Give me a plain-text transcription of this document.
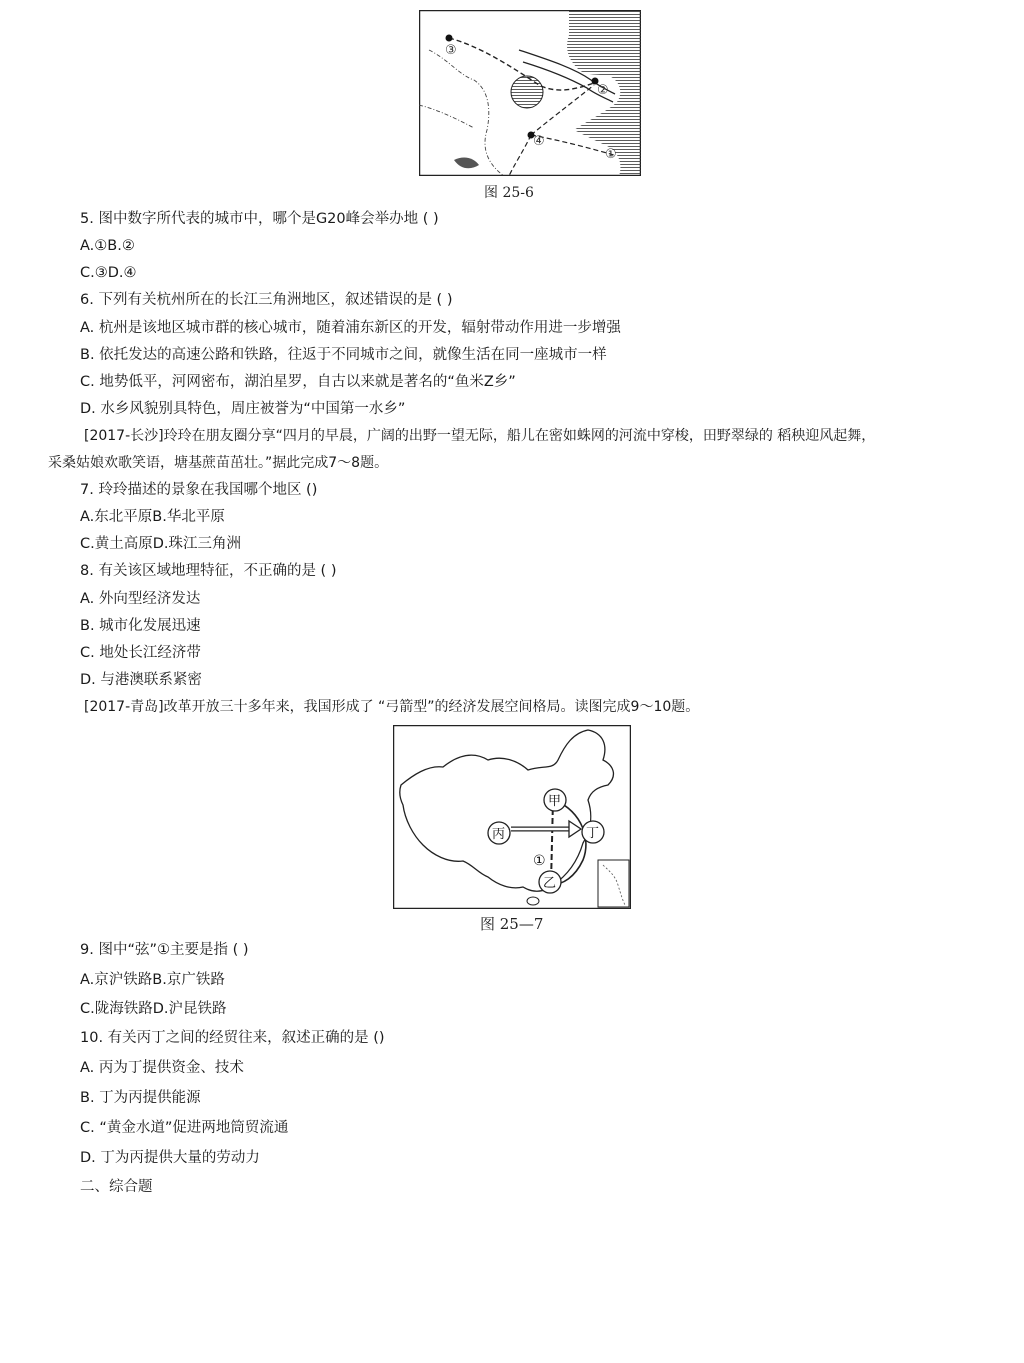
③
②
④
①
图 25-6
5. 图中数字所代表的城市中，哪个是G20峰会举办地 ( )
A.①B.②
C.③D.④
6. 下列有关杭州所在的长江三角洲地区，叙述错误的是 ( )
A. 杭州是该地区城市群的核心城市，随着浦东新区的开发，辐射带动作用进一步增强
B. 依托发达的高速公路和铁路，往返于不同城市之间，就像生活在同一座城市一样
C. 地势低平，河网密布，湖泊星罗，自古以来就是著名的“鱼米Z乡”
D. 水乡风貌别具特色，周庄被誉为“中国第一水乡”
[2017-长沙]玲玲在朋友圈分享“四月的早晨，广阔的出野一望无际，船儿在密如蛛网的河流中穿梭，田野翠绿的 稻秧迎风起舞，
采桑姑娘欢歌笑语，塘基蔗苗茁壮。”据此完成7～8题。
7. 玲玲描述的景象在我国哪个地区 ()
A.东北平原B.华北平原
C.黄土高原D.珠江三角洲
8. 有关该区域地理特征，不正确的是 ( )
A. 外向型经济发达
B. 城市化发展迅速
C. 地处长江经济带
D. 与港澳联系紧密
[2017-青岛]改革开放三十多年来，我国形成了 “弓箭型”的经济发展空间格局。读图完成9～10题。
甲
丙	丁
乙
①
图 25—7
9. 图中“弦”①主要是指 ( )
A.京沪铁路B.京广铁路
C.陇海铁路D.沪昆铁路
10. 有关丙丁之间的经贸往来，叙述正确的是 ()
A. 丙为丁提供资金、技术
B. 丁为丙提供能源
C. “黄金水道”促进两地筒贸流通
D. 丁为丙提供大量的劳动力
二、综合题
